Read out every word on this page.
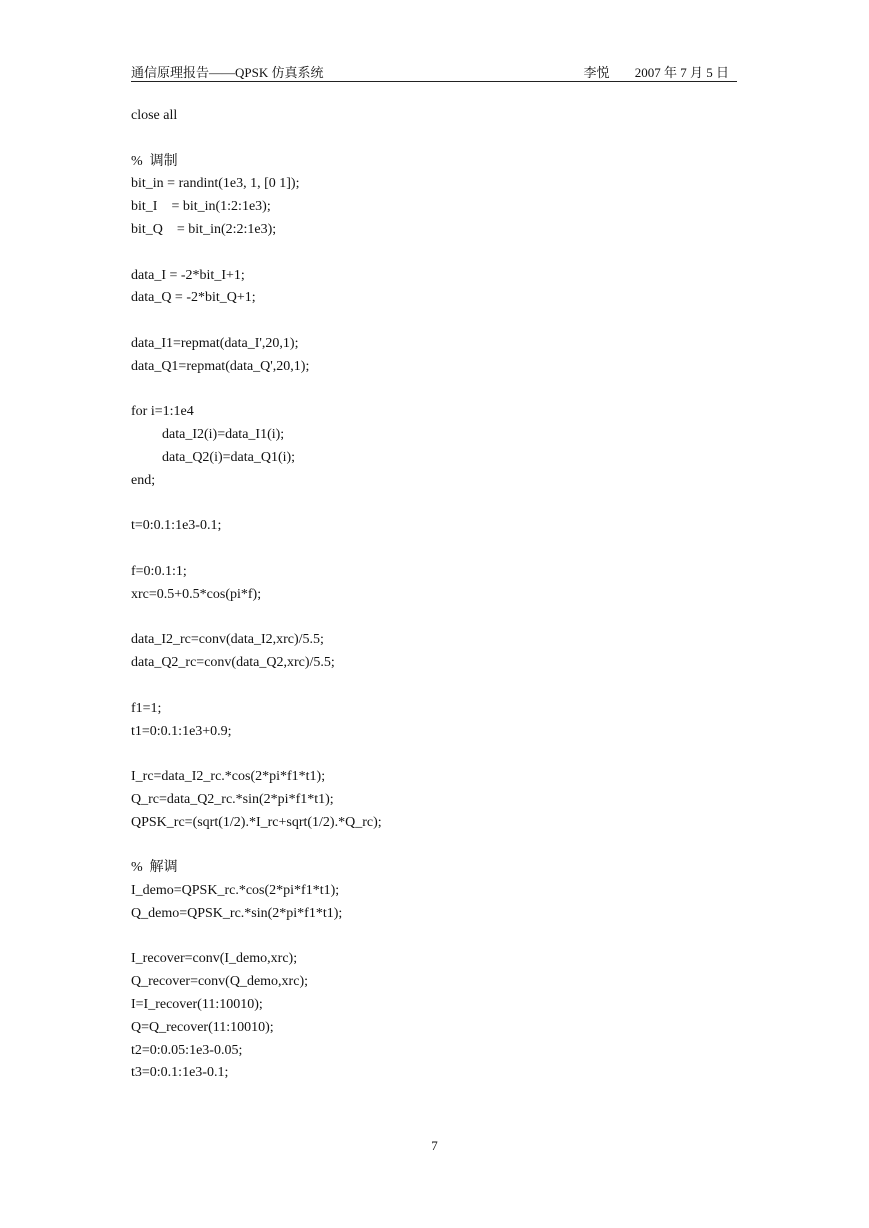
通信原理报告——QPSK 仿真系统	李悦 2007 年 7 月 5 日
close all
%  调制
bit_in = randint(1e3, 1, [0 1]);
bit_I    = bit_in(1:2:1e3);
bit_Q    = bit_in(2:2:1e3);
data_I = -2*bit_I+1;
data_Q = -2*bit_Q+1;
data_I1=repmat(data_I',20,1);
data_Q1=repmat(data_Q',20,1);
for i=1:1e4
data_I2(i)=data_I1(i);
data_Q2(i)=data_Q1(i);
end;
t=0:0.1:1e3-0.1;
f=0:0.1:1;
xrc=0.5+0.5*cos(pi*f);
data_I2_rc=conv(data_I2,xrc)/5.5;
data_Q2_rc=conv(data_Q2,xrc)/5.5;
f1=1;
t1=0:0.1:1e3+0.9;
I_rc=data_I2_rc.*cos(2*pi*f1*t1);
Q_rc=data_Q2_rc.*sin(2*pi*f1*t1);
QPSK_rc=(sqrt(1/2).*I_rc+sqrt(1/2).*Q_rc);
%  解调
I_demo=QPSK_rc.*cos(2*pi*f1*t1);
Q_demo=QPSK_rc.*sin(2*pi*f1*t1);
I_recover=conv(I_demo,xrc);
Q_recover=conv(Q_demo,xrc);
I=I_recover(11:10010);
Q=Q_recover(11:10010);
t2=0:0.05:1e3-0.05;
t3=0:0.1:1e3-0.1;
7
